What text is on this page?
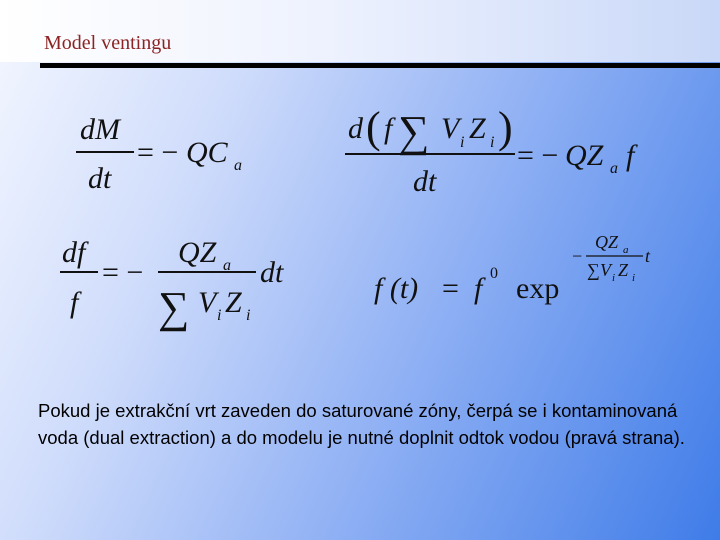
Model ventingu
dM
dt
= − QC a
d ( f ∑ V i Z i )
dt
= − QZ a f
df
f
= −
QZ a
∑ V i Z i
dt	f (t) = f 0 exp
−
QZ a
∑ V i Z i
t
Pokud je extrakční vrt zaveden do saturované zóny, čerpá se i kontaminovaná voda (dual extraction) a do modelu je nutné doplnit odtok vodou (pravá strana).
